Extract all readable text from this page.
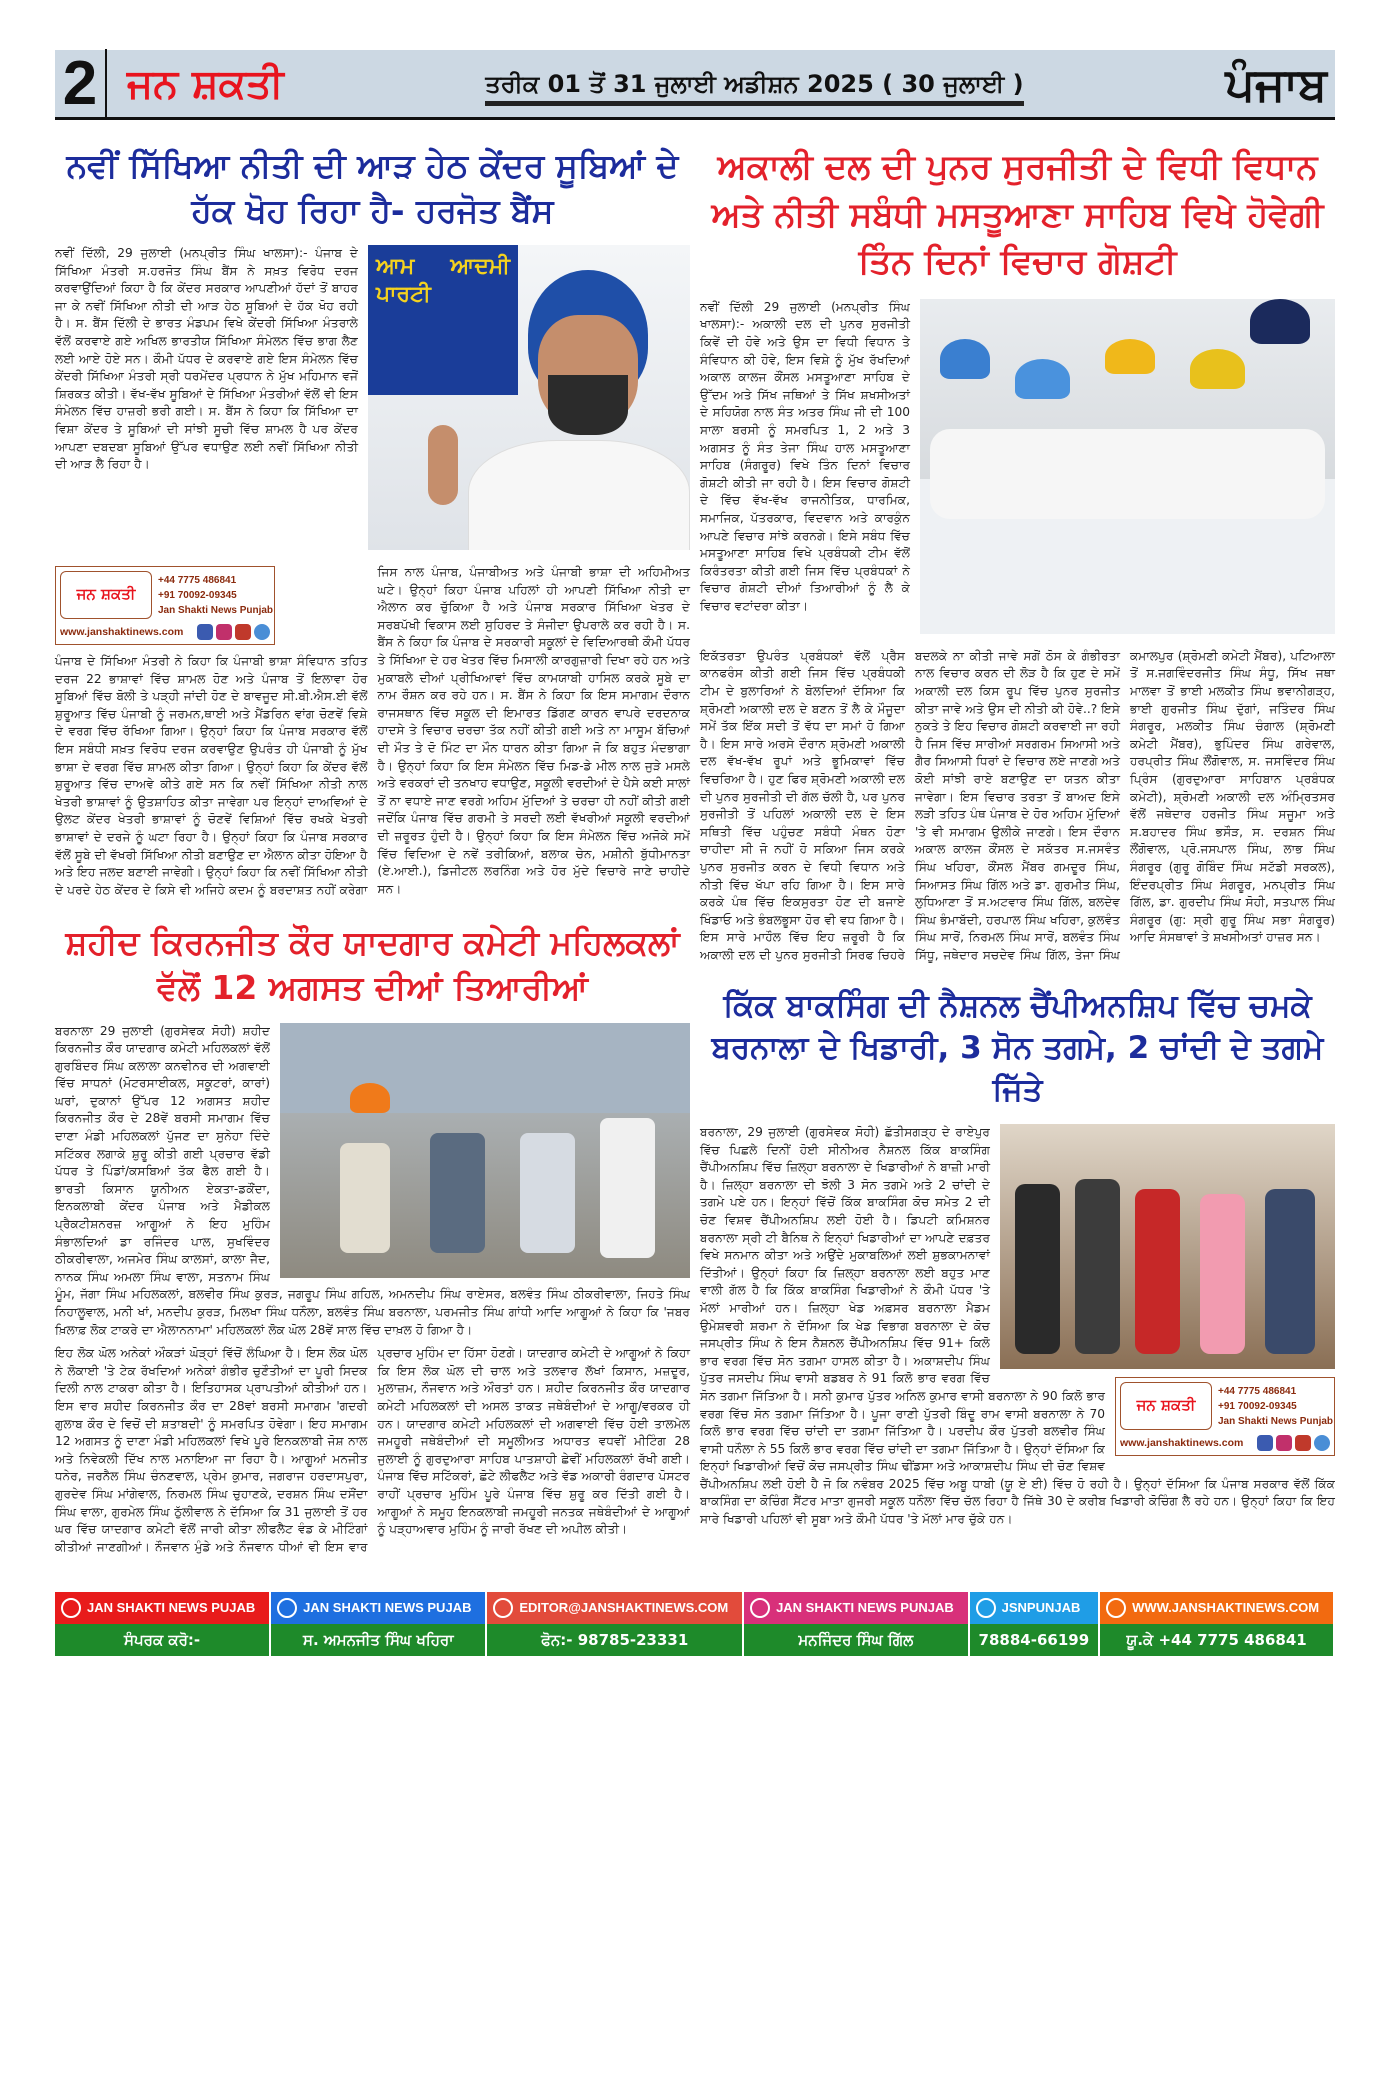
2 ਜਨ ਸ਼ਕਤੀ	ਤਰੀਕ 01 ਤੋਂ 31 ਜੁਲਾਈ ਅਡੀਸ਼ਨ 2025 ( 30 ਜੁਲਾਈ )	ਪੰਜਾਬ
ਨਵੀਂ ਸਿੱਖਿਆ ਨੀਤੀ ਦੀ ਆੜ ਹੇਠ ਕੇਂਦਰ ਸੂਬਿਆਂ ਦੇ ਹੱਕ ਖੋਹ ਰਿਹਾ ਹੈ- ਹਰਜੋਤ ਬੈਂਸ
ਆਮ ਆਦਮੀ ਪਾਰਟੀ
ਨਵੀਂ ਦਿੱਲੀ, 29 ਜੁਲਾਈ (ਮਨਪ੍ਰੀਤ ਸਿੰਘ ਖਾਲਸਾ):- ਪੰਜਾਬ ਦੇ ਸਿੱਖਿਆ ਮੰਤਰੀ ਸ.ਹਰਜੋਤ ਸਿੰਘ ਬੈਂਸ ਨੇ ਸਖ਼ਤ ਵਿਰੋਧ ਦਰਜ ਕਰਵਾਉਂਦਿਆਂ ਕਿਹਾ ਹੈ ਕਿ ਕੇਂਦਰ ਸਰਕਾਰ ਆਪਣੀਆਂ ਹੱਦਾਂ ਤੋਂ ਬਾਹਰ ਜਾ ਕੇ ਨਵੀਂ ਸਿੱਖਿਆ ਨੀਤੀ ਦੀ ਆੜ ਹੇਠ ਸੂਬਿਆਂ ਦੇ ਹੱਕ ਖੋਹ ਰਹੀ ਹੈ। ਸ. ਬੈਂਸ ਦਿੱਲੀ ਦੇ ਭਾਰਤ ਮੰਡਪਮ ਵਿਖੇ ਕੇਂਦਰੀ ਸਿੱਖਿਆ ਮੰਤਰਾਲੇ ਵੱਲੋਂ ਕਰਵਾਏ ਗਏ ਅਖਿਲ ਭਾਰਤੀਯ ਸਿੱਖਿਆ ਸੰਮੇਲਨ ਵਿੱਚ ਭਾਗ ਲੈਣ ਲਈ ਆਏ ਹੋਏ ਸਨ। ਕੌਮੀ ਪੱਧਰ ਦੇ ਕਰਵਾਏ ਗਏ ਇਸ ਸੰਮੇਲਨ ਵਿੱਚ ਕੇਂਦਰੀ ਸਿੱਖਿਆ ਮੰਤਰੀ ਸ੍ਰੀ ਧਰਮੇਂਦਰ ਪ੍ਰਧਾਨ ਨੇ ਮੁੱਖ ਮਹਿਮਾਨ ਵਜੋਂ ਸ਼ਿਰਕਤ ਕੀਤੀ। ਵੱਖ-ਵੱਖ ਸੂਬਿਆਂ ਦੇ ਸਿੱਖਿਆ ਮੰਤਰੀਆਂ ਵੱਲੋਂ ਵੀ ਇਸ ਸੰਮੇਲਨ ਵਿੱਚ ਹਾਜ਼ਰੀ ਭਰੀ ਗਈ। ਸ. ਬੈਂਸ ਨੇ ਕਿਹਾ ਕਿ ਸਿੱਖਿਆ ਦਾ ਵਿਸ਼ਾ ਕੇਂਦਰ ਤੇ ਸੂਬਿਆਂ ਦੀ ਸਾਂਝੀ ਸੂਚੀ ਵਿੱਚ ਸ਼ਾਮਲ ਹੈ ਪਰ ਕੇਂਦਰ ਆਪਣਾ ਦਬਦਬਾ ਸੂਬਿਆਂ ਉੱਪਰ ਵਧਾਉਣ ਲਈ ਨਵੀਂ ਸਿੱਖਿਆ ਨੀਤੀ ਦੀ ਆੜ ਲੈ ਰਿਹਾ ਹੈ।
ਜਨ ਸ਼ਕਤੀ
+44 7775 486841
+91 70092-09345
Jan Shakti News Punjab
www.janshaktinews.com
ਪੰਜਾਬ ਦੇ ਸਿੱਖਿਆ ਮੰਤਰੀ ਨੇ ਕਿਹਾ ਕਿ ਪੰਜਾਬੀ ਭਾਸ਼ਾ ਸੰਵਿਧਾਨ ਤਹਿਤ ਦਰਜ 22 ਭਾਸ਼ਾਵਾਂ ਵਿੱਚ ਸ਼ਾਮਲ ਹੋਣ ਅਤੇ ਪੰਜਾਬ ਤੋਂ ਇਲਾਵਾ ਹੋਰ ਸੂਬਿਆਂ ਵਿੱਚ ਬੋਲੀ ਤੇ ਪੜ੍ਹੀ ਜਾਂਦੀ ਹੋਣ ਦੇ ਬਾਵਜੂਦ ਸੀ.ਬੀ.ਐਸ.ਈ ਵੱਲੋਂ ਸ਼ੁਰੂਆਤ ਵਿੱਚ ਪੰਜਾਬੀ ਨੂੰ ਜਰਮਨ,ਥਾਈ ਅਤੇ ਮੈਂਡਰਿਨ ਵਾਂਗ ਚੋਣਵੇਂ ਵਿਸ਼ੇ ਦੇ ਵਰਗ ਵਿੱਚ ਰੱਖਿਆ ਗਿਆ। ਉਨ੍ਹਾਂ ਕਿਹਾ ਕਿ ਪੰਜਾਬ ਸਰਕਾਰ ਵੱਲੋਂ ਇਸ ਸਬੰਧੀ ਸਖ਼ਤ ਵਿਰੋਧ ਦਰਜ ਕਰਵਾਉਣ ਉਪਰੰਤ ਹੀ ਪੰਜਾਬੀ ਨੂੰ ਮੁੱਖ ਭਾਸ਼ਾ ਦੇ ਵਰਗ ਵਿੱਚ ਸ਼ਾਮਲ ਕੀਤਾ ਗਿਆ। ਉਨ੍ਹਾਂ ਕਿਹਾ ਕਿ ਕੇਂਦਰ ਵੱਲੋਂ ਸ਼ੁਰੂਆਤ ਵਿੱਚ ਦਾਅਵੇ ਕੀਤੇ ਗਏ ਸਨ ਕਿ ਨਵੀਂ ਸਿੱਖਿਆ ਨੀਤੀ ਨਾਲ ਖੇਤਰੀ ਭਾਸ਼ਾਵਾਂ ਨੂੰ ਉਤਸ਼ਾਹਿਤ ਕੀਤਾ ਜਾਵੇਗਾ ਪਰ ਇਨ੍ਹਾਂ ਦਾਅਵਿਆਂ ਦੇ ਉਲਟ ਕੇਂਦਰ ਖੇਤਰੀ ਭਾਸ਼ਾਵਾਂ ਨੂੰ ਚੋਣਵੇਂ ਵਿਸ਼ਿਆਂ ਵਿੱਚ ਰਖਕੇ ਖੇਤਰੀ ਭਾਸ਼ਾਵਾਂ ਦੇ ਦਰਜੇ ਨੂੰ ਘਟਾ ਰਿਹਾ ਹੈ। ਉਨ੍ਹਾਂ ਕਿਹਾ ਕਿ ਪੰਜਾਬ ਸਰਕਾਰ ਵੱਲੋਂ ਸੂਬੇ ਦੀ ਵੱਖਰੀ ਸਿੱਖਿਆ ਨੀਤੀ ਬਣਾਉਣ ਦਾ ਐਲਾਨ ਕੀਤਾ ਹੋਇਆ ਹੈ ਅਤੇ ਇਹ ਜਲਦ ਬਣਾਈ ਜਾਵੇਗੀ। ਉਨ੍ਹਾਂ ਕਿਹਾ ਕਿ ਨਵੀਂ ਸਿੱਖਿਆ ਨੀਤੀ ਦੇ ਪਰਦੇ ਹੇਠ ਕੇਂਦਰ ਦੇ ਕਿਸੇ ਵੀ ਅਜਿਹੇ ਕਦਮ ਨੂੰ ਬਰਦਾਸ਼ਤ ਨਹੀਂ ਕਰੇਗਾ ਜਿਸ ਨਾਲ ਪੰਜਾਬ, ਪੰਜਾਬੀਅਤ ਅਤੇ ਪੰਜਾਬੀ ਭਾਸ਼ਾ ਦੀ ਅਹਿਮੀਅਤ ਘਟੇ। ਉਨ੍ਹਾਂ ਕਿਹਾ ਪੰਜਾਬ ਪਹਿਲਾਂ ਹੀ ਆਪਣੀ ਸਿੱਖਿਆ ਨੀਤੀ ਦਾ ਐਲਾਨ ਕਰ ਚੁੱਕਿਆ ਹੈ ਅਤੇ ਪੰਜਾਬ ਸਰਕਾਰ ਸਿੱਖਿਆ ਖੇਤਰ ਦੇ ਸਰਬਪੱਖੀ ਵਿਕਾਸ ਲਈ ਸੁਹਿਰਦ ਤੇ ਸੰਜੀਦਾ ਉਪਰਾਲੇ ਕਰ ਰਹੀ ਹੈ। ਸ. ਬੈਂਸ ਨੇ ਕਿਹਾ ਕਿ ਪੰਜਾਬ ਦੇ ਸਰਕਾਰੀ ਸਕੂਲਾਂ ਦੇ ਵਿਦਿਆਰਥੀ ਕੌਮੀ ਪੱਧਰ ਤੇ ਸਿੱਖਿਆ ਦੇ ਹਰ ਖੇਤਰ ਵਿੱਚ ਮਿਸਾਲੀ ਕਾਰਗੁਜ਼ਾਰੀ ਦਿਖਾ ਰਹੇ ਹਨ ਅਤੇ ਮੁਕਾਬਲੇ ਦੀਆਂ ਪ੍ਰੀਖਿਆਵਾਂ ਵਿੱਚ ਕਾਮਯਾਬੀ ਹਾਸਿਲ ਕਰਕੇ ਸੂਬੇ ਦਾ ਨਾਮ ਰੌਸ਼ਨ ਕਰ ਰਹੇ ਹਨ। ਸ. ਬੈਂਸ ਨੇ ਕਿਹਾ ਕਿ ਇਸ ਸਮਾਗਮ ਦੌਰਾਨ ਰਾਜਸਥਾਨ ਵਿੱਚ ਸਕੂਲ ਦੀ ਇਮਾਰਤ ਡਿੱਗਣ ਕਾਰਨ ਵਾਪਰੇ ਦਰਦਨਾਕ ਹਾਦਸੇ ਤੇ ਵਿਚਾਰ ਚਰਚਾ ਤੱਕ ਨਹੀਂ ਕੀਤੀ ਗਈ ਅਤੇ ਨਾ ਮਾਸੂਮ ਬੱਚਿਆਂ ਦੀ ਮੌਤ ਤੇ ਦੋ ਮਿੰਟ ਦਾ ਮੌਨ ਧਾਰਨ ਕੀਤਾ ਗਿਆ ਜੋ ਕਿ ਬਹੁਤ ਮੰਦਭਾਗਾ ਹੈ। ਉਨ੍ਹਾਂ ਕਿਹਾ ਕਿ ਇਸ ਸੰਮੇਲਨ ਵਿੱਚ ਮਿਡ-ਡੇ ਮੀਲ ਨਾਲ ਜੁੜੇ ਮਸਲੇ ਅਤੇ ਵਰਕਰਾਂ ਦੀ ਤਨਖਾਹ ਵਧਾਉਣ, ਸਕੂਲੀ ਵਰਦੀਆਂ ਦੇ ਪੈਸੇ ਕਈ ਸਾਲਾਂ ਤੋਂ ਨਾ ਵਧਾਏ ਜਾਣ ਵਰਗੇ ਅਹਿਮ ਮੁੱਦਿਆਂ ਤੇ ਚਰਚਾ ਹੀ ਨਹੀਂ ਕੀਤੀ ਗਈ ਜਦੋਂਕਿ ਪੰਜਾਬ ਵਿੱਚ ਗਰਮੀ ਤੇ ਸਰਦੀ ਲਈ ਵੱਖਰੀਆਂ ਸਕੂਲੀ ਵਰਦੀਆਂ ਦੀ ਜ਼ਰੂਰਤ ਹੁੰਦੀ ਹੈ। ਉਨ੍ਹਾਂ ਕਿਹਾ ਕਿ ਇਸ ਸੰਮੇਲਨ ਵਿੱਚ ਅਜੋਕੇ ਸਮੇਂ ਵਿੱਚ ਵਿਦਿਆ ਦੇ ਨਵੇਂ ਤਰੀਕਿਆਂ, ਬਲਾਕ ਚੇਨ, ਮਸ਼ੀਨੀ ਬੁੱਧੀਮਾਨਤਾ (ਏ.ਆਈ.), ਡਿਜੀਟਲ ਲਰਨਿੰਗ ਅਤੇ ਹੋਰ ਮੁੱਦੇ ਵਿਚਾਰੇ ਜਾਣੇ ਚਾਹੀਦੇ ਸਨ।
ਸ਼ਹੀਦ ਕਿਰਨਜੀਤ ਕੌਰ ਯਾਦਗਾਰ ਕਮੇਟੀ ਮਹਿਲਕਲਾਂ ਵੱਲੋਂ 12 ਅਗਸਤ ਦੀਆਂ ਤਿਆਰੀਆਂ
ਬਰਨਾਲਾ 29 ਜੁਲਾਈ (ਗੁਰਸੇਵਕ ਸੋਹੀ) ਸ਼ਹੀਦ ਕਿਰਨਜੀਤ ਕੌਰ ਯਾਦਗਾਰ ਕਮੇਟੀ ਮਹਿਲਕਲਾਂ ਵੱਲੋਂ ਗੁਰਬਿੰਦਰ ਸਿੰਘ ਕਲਾਲਾ ਕਨਵੀਨਰ ਦੀ ਅਗਵਾਈ ਵਿੱਚ ਸਾਧਨਾਂ (ਮੋਟਰਸਾਈਕਲ, ਸਕੂਟਰਾਂ, ਕਾਰਾਂ) ਘਰਾਂ, ਦੁਕਾਨਾਂ ਉੱਪਰ 12 ਅਗਸਤ ਸ਼ਹੀਦ ਕਿਰਨਜੀਤ ਕੌਰ ਦੇ 28ਵੇਂ ਬਰਸੀ ਸਮਾਗਮ ਵਿੱਚ ਦਾਣਾ ਮੰਡੀ ਮਹਿਲਕਲਾਂ ਪੁੱਜਣ ਦਾ ਸੁਨੇਹਾ ਦਿੰਦੇ ਸਟਿੱਕਰ ਲਗਾਕੇ ਸ਼ੁਰੂ ਕੀਤੀ ਗਈ ਪ੍ਰਚਾਰ ਵੱਡੀ ਪੱਧਰ ਤੇ ਪਿੰਡਾਂ/ਕਸਬਿਆਂ ਤੱਕ ਫੈਲ ਗਈ ਹੈ। ਭਾਰਤੀ ਕਿਸਾਨ ਯੂਨੀਅਨ ਏਕਤਾ-ਡਕੌਂਦਾ, ਇਨਕਲਾਬੀ ਕੇਂਦਰ ਪੰਜਾਬ ਅਤੇ ਮੈਡੀਕਲ ਪ੍ਰੈਕਟੀਸ਼ਨਰਜ਼ ਆਗੂਆਂ ਨੇ ਇਹ ਮੁਹਿੰਮ ਸੰਭਾਲਦਿਆਂ ਡਾ ਰਜਿੰਦਰ ਪਾਲ, ਸੁਖਵਿੰਦਰ ਠੀਕਰੀਵਾਲਾ, ਅਜਮੇਰ ਸਿੰਘ ਕਾਲਸਾਂ, ਕਾਲਾ ਜੈਦ, ਨਾਨਕ ਸਿੰਘ ਅਮਲਾ ਸਿੰਘ ਵਾਲਾ, ਸਤਨਾਮ ਸਿੰਘ ਮੂੰਮ, ਜੱਗਾ ਸਿੰਘ ਮਹਿਲਕਲਾਂ, ਬਲਵੀਰ ਸਿੰਘ ਕੁਰੜ, ਜਗਰੂਪ ਸਿੰਘ ਗਹਿਲ, ਅਮਨਦੀਪ ਸਿੰਘ ਰਾਏਸਰ, ਬਲਵੰਤ ਸਿੰਘ ਠੀਕਰੀਵਾਲਾ, ਜਿਹਤੇ ਸਿੰਘ ਨਿਹਾਲੂਵਾਲ, ਮਨੀ ਖਾਂ, ਮਨਦੀਪ ਕੁਰੜ, ਮਿਲਖਾ ਸਿੰਘ ਧਨੌਲਾ, ਬਲਵੰਤ ਸਿੰਘ ਬਰਨਾਲਾ, ਪਰਮਜੀਤ ਸਿੰਘ ਗਾਂਧੀ ਆਦਿ ਆਗੂਆਂ ਨੇ ਕਿਹਾ ਕਿ 'ਜਬਰ ਖ਼ਿਲਾਫ਼ ਲੋਕ ਟਾਕਰੇ ਦਾ ਐਲਾਨਨਾਮਾ' ਮਹਿਲਕਲਾਂ ਲੋਕ ਘੋਲ 28ਵੇਂ ਸਾਲ ਵਿੱਚ ਦਾਖ਼ਲ ਹੋ ਗਿਆ ਹੈ।
ਇਹ ਲੋਕ ਘੋਲ ਅਨੇਕਾਂ ਔਕੜਾਂ ਘੋੜ੍ਹਾਂ ਵਿੱਚੋਂ ਲੰਘਿਆ ਹੈ। ਇਸ ਲੋਕ ਘੋਲ ਨੇ ਲੋਕਾਈ 'ਤੇ ਟੇਕ ਰੱਖਦਿਆਂ ਅਨੇਕਾਂ ਗੰਭੀਰ ਚੁਣੌਤੀਆਂ ਦਾ ਪੂਰੀ ਸਿਦਕ ਦਿਲੀ ਨਾਲ ਟਾਕਰਾ ਕੀਤਾ ਹੈ। ਇਤਿਹਾਸਕ ਪ੍ਰਾਪਤੀਆਂ ਕੀਤੀਆਂ ਹਨ। ਇਸ ਵਾਰ ਸ਼ਹੀਦ ਕਿਰਨਜੀਤ ਕੌਰ ਦਾ 28ਵਾਂ ਬਰਸੀ ਸਮਾਗਮ 'ਗਦਰੀ ਗੁਲਾਬ ਕੌਰ ਦੇ ਵਿਚੋਂ ਦੀ ਸ਼ਤਾਬਦੀ' ਨੂੰ ਸਮਰਪਿਤ ਹੋਵੇਗਾ। ਇਹ ਸਮਾਗਮ 12 ਅਗਸਤ ਨੂੰ ਦਾਣਾ ਮੰਡੀ ਮਹਿਲਕਲਾਂ ਵਿਖੇ ਪੂਰੇ ਇਨਕਲਾਬੀ ਜੋਸ਼ ਨਾਲ ਅਤੇ ਨਿਵੇਕਲੀ ਦਿੱਖ ਨਾਲ ਮਨਾਇਆ ਜਾ ਰਿਹਾ ਹੈ। ਆਗੂਆਂ ਮਨਜੀਤ ਧਨੇਰ, ਜਰਨੈਲ ਸਿੰਘ ਚੰਨਣਵਾਲ, ਪ੍ਰੇਮ ਕੁਮਾਰ, ਜਗਰਾਜ ਹਰਦਾਸਪੁਰਾ, ਗੁਰਦੇਵ ਸਿੰਘ ਮਾਂਗੇਵਾਲ, ਨਿਰਮਲ ਸਿੰਘ ਚੁਹਾਣਕੇ, ਦਰਸ਼ਨ ਸਿੰਘ ਦਸੌਂਦਾ ਸਿੰਘ ਵਾਲਾ, ਗੁਰਮੇਲ ਸਿੰਘ ਠੁੱਲੀਵਾਲ ਨੇ ਦੱਸਿਆ ਕਿ 31 ਜੁਲਾਈ ਤੋਂ ਹਰ ਘਰ ਵਿੱਚ ਯਾਦਗਾਰ ਕਮੇਟੀ ਵੱਲੋਂ ਜਾਰੀ ਕੀਤਾ ਲੀਫਲੈਟ ਵੰਡ ਕੇ ਮੀਟਿੰਗਾਂ ਕੀਤੀਆਂ ਜਾਣਗੀਆਂ। ਨੌਜਵਾਨ ਮੁੰਡੇ ਅਤੇ ਨੌਜਵਾਨ ਧੀਆਂ ਵੀ ਇਸ ਵਾਰ ਪ੍ਰਚਾਰ ਮੁਹਿੰਮ ਦਾ ਹਿੱਸਾ ਹੋਣਗੇ। ਯਾਦਗਾਰ ਕਮੇਟੀ ਦੇ ਆਗੂਆਂ ਨੇ ਕਿਹਾ ਕਿ ਇਸ ਲੋਕ ਘੋਲ ਦੀ ਚਾਲ ਅਤੇ ਤਲਵਾਰ ਲੱਖਾਂ ਕਿਸਾਨ, ਮਜ਼ਦੂਰ, ਮੁਲਾਜ਼ਮ, ਨੌਜਵਾਨ ਅਤੇ ਔਰਤਾਂ ਹਨ। ਸ਼ਹੀਦ ਕਿਰਨਜੀਤ ਕੌਰ ਯਾਦਗਾਰ ਕਮੇਟੀ ਮਹਿਲਕਲਾਂ ਦੀ ਅਸਲ ਤਾਕਤ ਜਥੇਬੰਦੀਆਂ ਦੇ ਆਗੂ/ਵਰਕਰ ਹੀ ਹਨ। ਯਾਦਗਾਰ ਕਮੇਟੀ ਮਹਿਲਕਲਾਂ ਦੀ ਅਗਵਾਈ ਵਿੱਚ ਹੋਈ ਤਾਲਮੇਲ ਜਮਹੂਰੀ ਜਥੇਬੰਦੀਆਂ ਦੀ ਸਮੂਲੀਅਤ ਅਧਾਰਤ ਵਧਵੀਂ ਮੀਟਿੰਗ 28 ਜੁਲਾਈ ਨੂੰ ਗੁਰਦੁਆਰਾ ਸਾਹਿਬ ਪਾਤਸ਼ਾਹੀ ਛੇਵੀਂ ਮਹਿਲਕਲਾਂ ਰੱਖੀ ਗਈ। ਪੰਜਾਬ ਵਿੱਚ ਸਟਿੱਕਰਾਂ, ਛੋਟੇ ਲੀਫਲੈਟ ਅਤੇ ਵੱਡ ਅਕਾਰੀ ਰੰਗਦਾਰ ਪੋਸਟਰ ਰਾਹੀਂ ਪ੍ਰਚਾਰ ਮੁਹਿੰਮ ਪੂਰੇ ਪੰਜਾਬ ਵਿੱਚ ਸ਼ੁਰੂ ਕਰ ਦਿੱਤੀ ਗਈ ਹੈ। ਆਗੂਆਂ ਨੇ ਸਮੂਹ ਇਨਕਲਾਬੀ ਜਮਹੂਰੀ ਜਨਤਕ ਜਥੇਬੰਦੀਆਂ ਦੇ ਆਗੂਆਂ ਨੂੰ ਪੜ੍ਹਾਅਵਾਰ ਮੁਹਿੰਮ ਨੂੰ ਜਾਰੀ ਰੱਖਣ ਦੀ ਅਪੀਲ ਕੀਤੀ।
ਅਕਾਲੀ ਦਲ ਦੀ ਪੁਨਰ ਸੁਰਜੀਤੀ ਦੇ ਵਿਧੀ ਵਿਧਾਨ ਅਤੇ ਨੀਤੀ ਸਬੰਧੀ ਮਸਤੂਆਣਾ ਸਾਹਿਬ ਵਿਖੇ ਹੋਵੇਗੀ ਤਿੰਨ ਦਿਨਾਂ ਵਿਚਾਰ ਗੋਸ਼ਟੀ
ਨਵੀਂ ਦਿੱਲੀ 29 ਜੁਲਾਈ (ਮਨਪ੍ਰੀਤ ਸਿੰਘ ਖਾਲਸਾ):- ਅਕਾਲੀ ਦਲ ਦੀ ਪੁਨਰ ਸੁਰਜੀਤੀ ਕਿਵੇਂ ਦੀ ਹੋਵੇ ਅਤੇ ਉਸ ਦਾ ਵਿਧੀ ਵਿਧਾਨ ਤੇ ਸੰਵਿਧਾਨ ਕੀ ਹੋਵੇ, ਇਸ ਵਿਸ਼ੇ ਨੂੰ ਮੁੱਖ ਰੱਖਦਿਆਂ ਅਕਾਲ ਕਾਲਜ ਕੌਂਸਲ ਮਸਤੂਆਣਾ ਸਾਹਿਬ ਦੇ ਉੱਦਮ ਅਤੇ ਸਿੱਖ ਜਥਿਆਂ ਤੇ ਸਿੱਖ ਸ਼ਖਸੀਅਤਾਂ ਦੇ ਸਹਿਯੋਗ ਨਾਲ ਸੰਤ ਅਤਰ ਸਿੰਘ ਜੀ ਦੀ 100 ਸਾਲਾ ਬਰਸੀ ਨੂੰ ਸਮਰਪਿਤ 1, 2 ਅਤੇ 3 ਅਗਸਤ ਨੂੰ ਸੰਤ ਤੇਜਾ ਸਿੰਘ ਹਾਲ ਮਸਤੂਆਣਾ ਸਾਹਿਬ (ਸੰਗਰੂਰ) ਵਿਖੇ ਤਿੰਨ ਦਿਨਾਂ ਵਿਚਾਰ ਗੋਸ਼ਟੀ ਕੀਤੀ ਜਾ ਰਹੀ ਹੈ। ਇਸ ਵਿਚਾਰ ਗੋਸ਼ਟੀ ਦੇ ਵਿੱਚ ਵੱਖ-ਵੱਖ ਰਾਜਨੀਤਿਕ, ਧਾਰਮਿਕ, ਸਮਾਜਿਕ, ਪੱਤਰਕਾਰ, ਵਿਦਵਾਨ ਅਤੇ ਕਾਰਕੁੰਨ ਆਪਣੇ ਵਿਚਾਰ ਸਾਂਝੇ ਕਰਨਗੇ। ਇਸੇ ਸਬੰਧ ਵਿੱਚ ਮਸਤੂਆਣਾ ਸਾਹਿਬ ਵਿਖੇ ਪ੍ਰਬੰਧਕੀ ਟੀਮ ਵੱਲੋਂ ਕਿਰੰਤਰਤਾ ਕੀਤੀ ਗਈ ਜਿਸ ਵਿੱਚ ਪ੍ਰਬੰਧਕਾਂ ਨੇ ਵਿਚਾਰ ਗੋਸ਼ਟੀ ਦੀਆਂ ਤਿਆਰੀਆਂ ਨੂੰ ਲੈ ਕੇ ਵਿਚਾਰ ਵਟਾਂਦਰਾ ਕੀਤਾ।
ਇਕੱਤਰਤਾ ਉਪਰੰਤ ਪ੍ਰਬੰਧਕਾਂ ਵੱਲੋਂ ਪ੍ਰੈਸ ਕਾਨਫਰੰਸ ਕੀਤੀ ਗਈ ਜਿਸ ਵਿੱਚ ਪ੍ਰਬੰਧਕੀ ਟੀਮ ਦੇ ਬੁਲਾਰਿਆਂ ਨੇ ਬੋਲਦਿਆਂ ਦੱਸਿਆ ਕਿ ਸ਼੍ਰੋਮਣੀ ਅਕਾਲੀ ਦਲ ਦੇ ਬਣਨ ਤੋਂ ਲੈ ਕੇ ਮੌਜੂਦਾ ਸਮੇਂ ਤੱਕ ਇੱਕ ਸਦੀ ਤੋਂ ਵੱਧ ਦਾ ਸਮਾਂ ਹੋ ਗਿਆ ਹੈ। ਇਸ ਸਾਰੇ ਅਰਸੇ ਦੌਰਾਨ ਸ਼੍ਰੋਮਣੀ ਅਕਾਲੀ ਦਲ ਵੱਖ-ਵੱਖ ਰੂਪਾਂ ਅਤੇ ਭੂਮਿਕਾਵਾਂ ਵਿੱਚ ਵਿਚਰਿਆ ਹੈ। ਹੁਣ ਫਿਰ ਸ਼੍ਰੋਮਣੀ ਅਕਾਲੀ ਦਲ ਦੀ ਪੁਨਰ ਸੁਰਜੀਤੀ ਦੀ ਗੱਲ ਚੱਲੀ ਹੈ, ਪਰ ਪੁਨਰ ਸੁਰਜੀਤੀ ਤੋਂ ਪਹਿਲਾਂ ਅਕਾਲੀ ਦਲ ਦੇ ਇਸ ਸਥਿਤੀ ਵਿੱਚ ਪਹੁੰਚਣ ਸਬੰਧੀ ਮੰਥਨ ਹੋਣਾ ਚਾਹੀਦਾ ਸੀ ਜੋ ਨਹੀਂ ਹੋ ਸਕਿਆ ਜਿਸ ਕਰਕੇ ਪੁਨਰ ਸੁਰਜੀਤ ਕਰਨ ਦੇ ਵਿਧੀ ਵਿਧਾਨ ਅਤੇ ਨੀਤੀ ਵਿੱਚ ਖੱਪਾ ਰਹਿ ਗਿਆ ਹੈ। ਇਸ ਸਾਰੇ ਕਰਕੇ ਪੰਥ ਵਿੱਚ ਇਕਸੁਰਤਾ ਹੋਣ ਦੀ ਬਜਾਏ ਖਿੰਡਾਓ ਅਤੇ ਭੰਬਲਭੂਸਾ ਹੋਰ ਵੀ ਵਧ ਗਿਆ ਹੈ। ਇਸ ਸਾਰੇ ਮਾਹੌਲ ਵਿੱਚ ਇਹ ਜ਼ਰੂਰੀ ਹੈ ਕਿ ਅਕਾਲੀ ਦਲ ਦੀ ਪੁਨਰ ਸੁਰਜੀਤੀ ਸਿਰਫ ਚਿਹਰੇ ਬਦਲਕੇ ਨਾ ਕੀਤੀ ਜਾਵੇ ਸਗੋਂ ਠੋਸ ਕੇ ਗੰਭੀਰਤਾ ਨਾਲ ਵਿਚਾਰ ਕਰਨ ਦੀ ਲੋੜ ਹੈ ਕਿ ਹੁਣ ਦੇ ਸਮੇਂ ਅਕਾਲੀ ਦਲ ਕਿਸ ਰੂਪ ਵਿੱਚ ਪੁਨਰ ਸੁਰਜੀਤ ਕੀਤਾ ਜਾਵੇ ਅਤੇ ਉਸ ਦੀ ਨੀਤੀ ਕੀ ਹੋਵੇ..? ਇਸੇ ਨੁਕਤੇ ਤੇ ਇਹ ਵਿਚਾਰ ਗੋਸ਼ਟੀ ਕਰਵਾਈ ਜਾ ਰਹੀ ਹੈ ਜਿਸ ਵਿੱਚ ਸਾਰੀਆਂ ਸਰਗਰਮ ਸਿਆਸੀ ਅਤੇ ਗੈਰ ਸਿਆਸੀ ਧਿਰਾਂ ਦੇ ਵਿਚਾਰ ਲਏ ਜਾਣਗੇ ਅਤੇ ਕੋਈ ਸਾਂਝੀ ਰਾਏ ਬਣਾਉਣ ਦਾ ਯਤਨ ਕੀਤਾ ਜਾਵੇਗਾ। ਇਸ ਵਿਚਾਰ ਤਰਤਾ ਤੋਂ ਬਾਅਦ ਇਸੇ ਲੜੀ ਤਹਿਤ ਪੰਥ ਪੰਜਾਬ ਦੇ ਹੋਰ ਅਹਿਮ ਮੁੱਦਿਆਂ 'ਤੇ ਵੀ ਸਮਾਗਮ ਉਲੀਕੇ ਜਾਣਗੇ। ਇਸ ਦੌਰਾਨ ਅਕਾਲ ਕਾਲਜ ਕੌਂਸਲ ਦੇ ਸਕੱਤਰ ਸ.ਜਸਵੰਤ ਸਿੰਘ ਖਹਿਰਾ, ਕੌਂਸਲ ਮੈਂਬਰ ਗਮਦੂਰ ਸਿੰਘ, ਸਿਆਸਤ ਸਿੰਘ ਗਿੱਲ ਅਤੇ ਡਾ. ਗੁਰਮੀਤ ਸਿੰਘ, ਲੁਧਿਆਣਾ ਤੋਂ ਸ.ਅਟਵਾਰ ਸਿੰਘ ਗਿੱਲ, ਬਲਦੇਵ ਸਿੰਘ ਭੰਮਾਬੱਦੀ, ਹਰਪਾਲ ਸਿੰਘ ਖਹਿਰਾ, ਕੁਲਵੰਤ ਸਿੰਘ ਸਾਰੋਂ, ਨਿਰਮਲ ਸਿੰਘ ਸਾਰੋਂ, ਬਲਵੰਤ ਸਿੰਘ ਸਿੱਧੂ, ਜਥੇਦਾਰ ਸਚਦੇਵ ਸਿੰਘ ਗਿੱਲ, ਤੇਜਾ ਸਿੰਘ ਕਮਾਲਪੁਰ (ਸ਼੍ਰੋਮਣੀ ਕਮੇਟੀ ਮੈਂਬਰ), ਪਟਿਆਲਾ ਤੋਂ ਸ.ਜਗਵਿੰਦਰਜੀਤ ਸਿੰਘ ਸੰਧੂ, ਸਿੱਖ ਜਥਾ ਮਾਲਵਾ ਤੋਂ ਭਾਈ ਮਲਕੀਤ ਸਿੰਘ ਭਵਾਨੀਗੜ੍ਹ, ਭਾਈ ਗੁਰਜੀਤ ਸਿੰਘ ਦੁੱਗਾਂ, ਜਤਿੰਦਰ ਸਿੰਘ ਸੰਗਰੂਰ, ਮਲਕੀਤ ਸਿੰਘ ਚੰਗਾਲ (ਸ਼੍ਰੋਮਣੀ ਕਮੇਟੀ ਮੈਂਬਰ), ਭੁਪਿੰਦਰ ਸਿੰਘ ਗਰੇਵਾਲ, ਹਰਪ੍ਰੀਤ ਸਿੰਘ ਲੌਂਗੋਵਾਲ, ਸ. ਜਸਵਿੰਦਰ ਸਿੰਘ ਪ੍ਰਿੰਸ (ਗੁਰਦੁਆਰਾ ਸਾਹਿਬਾਨ ਪ੍ਰਬੰਧਕ ਕਮੇਟੀ), ਸ਼੍ਰੋਮਣੀ ਅਕਾਲੀ ਦਲ ਅੰਮ੍ਰਿਤਸਰ ਵੱਲੋਂ ਜਥੇਦਾਰ ਹਰਜੀਤ ਸਿੰਘ ਸਜੂਮਾ ਅਤੇ ਸ.ਬਹਾਦਰ ਸਿੰਘ ਭਸੌੜ, ਸ. ਦਰਸ਼ਨ ਸਿੰਘ ਲੌਂਗੋਵਾਲ, ਪ੍ਰੋ.ਜਸਪਾਲ ਸਿੰਘ, ਲਾਭ ਸਿੰਘ ਸੰਗਰੂਰ (ਗੁਰੂ ਗੋਬਿੰਦ ਸਿੰਘ ਸਟੱਡੀ ਸਰਕਲ), ਇੰਦਰਪ੍ਰੀਤ ਸਿੰਘ ਸੰਗਰੂਰ, ਮਨਪ੍ਰੀਤ ਸਿੰਘ ਗਿੱਲ, ਡਾ. ਗੁਰਦੀਪ ਸਿੰਘ ਸੋਹੀ, ਸਤਪਾਲ ਸਿੰਘ ਸੰਗਰੂਰ (ਗੁ: ਸ੍ਰੀ ਗੁਰੂ ਸਿੰਘ ਸਭਾ ਸੰਗਰੂਰ) ਆਦਿ ਸੰਸਥਾਵਾਂ ਤੇ ਸ਼ਖਸੀਅਤਾਂ ਹਾਜ਼ਰ ਸਨ।
ਕਿੱਕ ਬਾਕਸਿੰਗ ਦੀ ਨੈਸ਼ਨਲ ਚੈਂਪੀਅਨਸ਼ਿਪ ਵਿੱਚ ਚਮਕੇ ਬਰਨਾਲਾ ਦੇ ਖਿਡਾਰੀ, 3 ਸੋਨ ਤਗਮੇ, 2 ਚਾਂਦੀ ਦੇ ਤਗਮੇ ਜਿੱਤੇ
ਜਨ ਸ਼ਕਤੀ
+44 7775 486841
+91 70092-09345
Jan Shakti News Punjab
www.janshaktinews.com
ਬਰਨਾਲਾ, 29 ਜੁਲਾਈ (ਗੁਰਸੇਵਕ ਸੋਹੀ) ਛੱਤੀਸਗੜ੍ਹ ਦੇ ਰਾਏਪੁਰ ਵਿੱਚ ਪਿਛਲੇ ਦਿਨੀਂ ਹੋਈ ਸੀਨੀਅਰ ਨੈਸ਼ਨਲ ਕਿੱਕ ਬਾਕਸਿੰਗ ਚੈਂਪੀਅਨਸ਼ਿਪ ਵਿੱਚ ਜ਼ਿਲ੍ਹਾ ਬਰਨਾਲਾ ਦੇ ਖਿਡਾਰੀਆਂ ਨੇ ਬਾਜ਼ੀ ਮਾਰੀ ਹੈ। ਜ਼ਿਲ੍ਹਾ ਬਰਨਾਲਾ ਦੀ ਝੋਲੀ 3 ਸੋਨ ਤਗਮੇ ਅਤੇ 2 ਚਾਂਦੀ ਦੇ ਤਗਮੇ ਪਏ ਹਨ। ਇਨ੍ਹਾਂ ਵਿੱਚੋਂ ਕਿੱਕ ਬਾਕਸਿੰਗ ਕੋਚ ਸਮੇਤ 2 ਦੀ ਚੋਣ ਵਿਸ਼ਵ ਚੈਂਪੀਅਨਸ਼ਿਪ ਲਈ ਹੋਈ ਹੈ। ਡਿਪਟੀ ਕਮਿਸ਼ਨਰ ਬਰਨਾਲਾ ਸ੍ਰੀ ਟੀ ਬੈਨਿਥ ਨੇ ਇਨ੍ਹਾਂ ਖਿਡਾਰੀਆਂ ਦਾ ਆਪਣੇ ਦਫ਼ਤਰ ਵਿਖੇ ਸਨਮਾਨ ਕੀਤਾ ਅਤੇ ਅਉਂਦੇ ਮੁਕਾਬਲਿਆਂ ਲਈ ਸ਼ੁਭਕਾਮਨਾਵਾਂ ਦਿੱਤੀਆਂ। ਉਨ੍ਹਾਂ ਕਿਹਾ ਕਿ ਜ਼ਿਲ੍ਹਾ ਬਰਨਾਲਾ ਲਈ ਬਹੁਤ ਮਾਣ ਵਾਲੀ ਗੱਲ ਹੈ ਕਿ ਕਿੱਕ ਬਾਕਸਿੰਗ ਖਿਡਾਰੀਆਂ ਨੇ ਕੌਮੀ ਪੱਧਰ 'ਤੇ ਮੱਲਾਂ ਮਾਰੀਆਂ ਹਨ। ਜ਼ਿਲ੍ਹਾ ਖੇਡ ਅਫ਼ਸਰ ਬਰਨਾਲਾ ਮੈਡਮ ਉਮੇਸ਼ਵਰੀ ਸ਼ਰਮਾ ਨੇ ਦੱਸਿਆ ਕਿ ਖੇਡ ਵਿਭਾਗ ਬਰਨਾਲਾ ਦੇ ਕੋਚ ਜਸਪ੍ਰੀਤ ਸਿੰਘ ਨੇ ਇਸ ਨੈਸ਼ਨਲ ਚੈਂਪੀਅਨਸ਼ਿਪ ਵਿੱਚ 91+ ਕਿਲੋ ਭਾਰ ਵਰਗ ਵਿੱਚ ਸੋਨ ਤਗਮਾ ਹਾਸਲ ਕੀਤਾ ਹੈ। ਅਕਾਸ਼ਦੀਪ ਸਿੰਘ ਪੁੱਤਰ ਜਸਦੀਪ ਸਿੰਘ ਵਾਸੀ ਬਡਬਰ ਨੇ 91 ਕਿਲੋ ਭਾਰ ਵਰਗ ਵਿੱਚ ਸੋਨ ਤਗਮਾ ਜਿੱਤਿਆ ਹੈ। ਸਨੀ ਕੁਮਾਰ ਪੁੱਤਰ ਅਨਿਲ ਕੁਮਾਰ ਵਾਸੀ ਬਰਨਾਲਾ ਨੇ 90 ਕਿਲੋ ਭਾਰ ਵਰਗ ਵਿੱਚ ਸੋਨ ਤਗਮਾ ਜਿੱਤਿਆ ਹੈ। ਪੂਜਾ ਰਾਣੀ ਪੁੱਤਰੀ ਬਿੰਦੂ ਰਾਮ ਵਾਸੀ ਬਰਨਾਲਾ ਨੇ 70 ਕਿਲੋ ਭਾਰ ਵਰਗ ਵਿੱਚ ਚਾਂਦੀ ਦਾ ਤਗਮਾ ਜਿੱਤਿਆ ਹੈ। ਪਰਦੀਪ ਕੌਰ ਪੁੱਤਰੀ ਬਲਵੀਰ ਸਿੰਘ ਵਾਸੀ ਧਨੌਲਾ ਨੇ 55 ਕਿਲੋ ਭਾਰ ਵਰਗ ਵਿੱਚ ਚਾਂਦੀ ਦਾ ਤਗਮਾ ਜਿੱਤਿਆ ਹੈ। ਉਨ੍ਹਾਂ ਦੱਸਿਆ ਕਿ ਇਨ੍ਹਾਂ ਖਿਡਾਰੀਆਂ ਵਿਚੋਂ ਕੋਚ ਜਸਪ੍ਰੀਤ ਸਿੰਘ ਢੀਂਡਸਾ ਅਤੇ ਆਕਾਸ਼ਦੀਪ ਸਿੰਘ ਦੀ ਚੋਣ ਵਿਸ਼ਵ ਚੈਂਪੀਅਨਸ਼ਿਪ ਲਈ ਹੋਈ ਹੈ ਜੋ ਕਿ ਨਵੰਬਰ 2025 ਵਿੱਚ ਅਬੂ ਧਾਬੀ (ਯੂ ਏ ਈ) ਵਿੱਚ ਹੋ ਰਹੀ ਹੈ। ਉਨ੍ਹਾਂ ਦੱਸਿਆ ਕਿ ਪੰਜਾਬ ਸਰਕਾਰ ਵੱਲੋਂ ਕਿੱਕ ਬਾਕਸਿੰਗ ਦਾ ਕੋਚਿੰਗ ਸੈਂਟਰ ਮਾਤਾ ਗੁਜਰੀ ਸਕੂਲ ਧਨੌਲਾ ਵਿੱਚ ਚੱਲ ਰਿਹਾ ਹੈ ਜਿੱਥੇ 30 ਦੇ ਕਰੀਬ ਖਿਡਾਰੀ ਕੋਚਿੰਗ ਲੈ ਰਹੇ ਹਨ। ਉਨ੍ਹਾਂ ਕਿਹਾ ਕਿ ਇਹ ਸਾਰੇ ਖਿਡਾਰੀ ਪਹਿਲਾਂ ਵੀ ਸੂਬਾ ਅਤੇ ਕੌਮੀ ਪੱਧਰ 'ਤੇ ਮੱਲਾਂ ਮਾਰ ਚੁੱਕੇ ਹਨ।
JAN SHAKTI NEWS PUJAB	JAN SHAKTI NEWS PUJAB	EDITOR@JANSHAKTINEWS.COM	JAN SHAKTI NEWS PUNJAB	JSNPUNJAB	WWW.JANSHAKTINEWS.COM
ਸੰਪਰਕ ਕਰੋ:-	ਸ. ਅਮਨਜੀਤ ਸਿੰਘ ਖਹਿਰਾ	ਫੋਨ:- 98785-23331	ਮਨਜਿੰਦਰ ਸਿੰਘ ਗਿੱਲ	78884-66199	ਯੂ.ਕੇ +44 7775 486841
